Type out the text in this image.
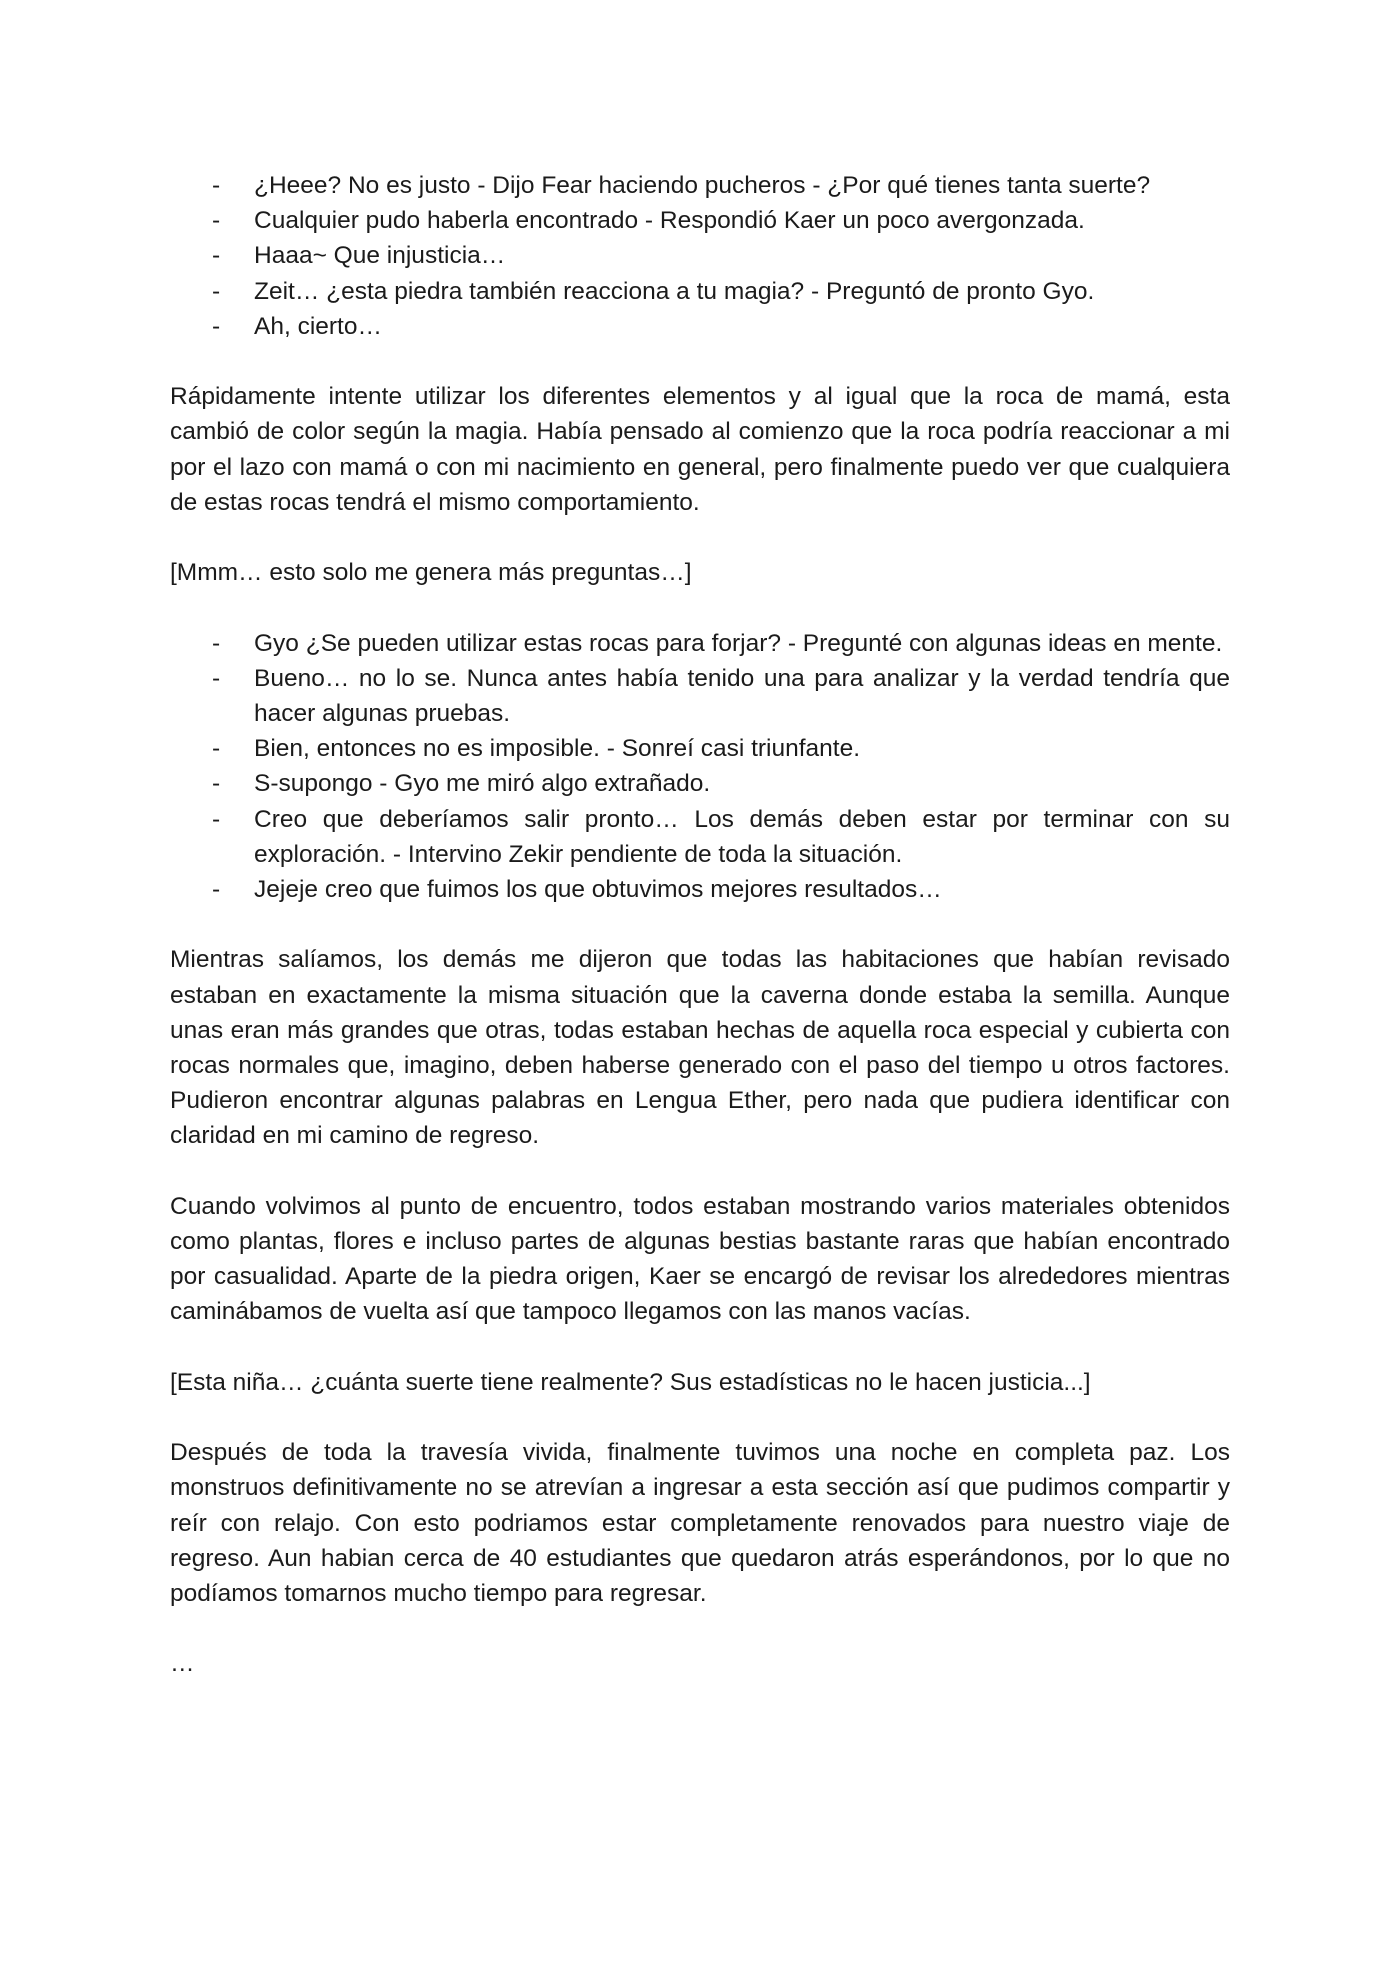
- ¿Heee? No es justo - Dijo Fear haciendo pucheros - ¿Por qué tienes tanta suerte?
- Cualquier pudo haberla encontrado - Respondió Kaer un poco avergonzada.
- Haaa~ Que injusticia…
- Zeit… ¿esta piedra también reacciona a tu magia? - Preguntó de pronto Gyo.
- Ah, cierto…

Rápidamente intente utilizar los diferentes elementos y al igual que la roca de mamá, esta cambió de color según la magia. Había pensado al comienzo que la roca podría reaccionar a mi por el lazo con mamá o con mi nacimiento en general, pero finalmente puedo ver que cualquiera de estas rocas tendrá el mismo comportamiento.

[Mmm… esto solo me genera más preguntas…]

- Gyo ¿Se pueden utilizar estas rocas para forjar? - Pregunté con algunas ideas en mente.
- Bueno… no lo se. Nunca antes había tenido una para analizar y la verdad tendría que hacer algunas pruebas.
- Bien, entonces no es imposible. - Sonreí casi triunfante.
- S-supongo - Gyo me miró algo extrañado.
- Creo que deberíamos salir pronto… Los demás deben estar por terminar con su exploración. - Intervino Zekir pendiente de toda la situación.
- Jejeje creo que fuimos los que obtuvimos mejores resultados…

Mientras salíamos, los demás me dijeron que todas las habitaciones que habían revisado estaban en exactamente la misma situación que la caverna donde estaba la semilla. Aunque unas eran más grandes que otras, todas estaban hechas de aquella roca especial y cubierta con rocas normales que, imagino, deben haberse generado con el paso del tiempo u otros factores. Pudieron encontrar algunas palabras en Lengua Ether, pero nada que pudiera identificar con claridad en mi camino de regreso.

Cuando volvimos al punto de encuentro, todos estaban mostrando varios materiales obtenidos como plantas, flores e incluso partes de algunas bestias bastante raras que habían encontrado por casualidad. Aparte de la piedra origen, Kaer se encargó de revisar los alrededores mientras caminábamos de vuelta así que tampoco llegamos con las manos vacías.

[Esta niña… ¿cuánta suerte tiene realmente? Sus estadísticas no le hacen justicia...]

Después de toda la travesía vivida, finalmente tuvimos una noche en completa paz. Los monstruos definitivamente no se atrevían a ingresar a esta sección así que pudimos compartir y reír con relajo. Con esto podriamos estar completamente renovados para nuestro viaje de regreso. Aun habian cerca de 40 estudiantes que quedaron atrás esperándonos, por lo que no podíamos tomarnos mucho tiempo para regresar.

…
